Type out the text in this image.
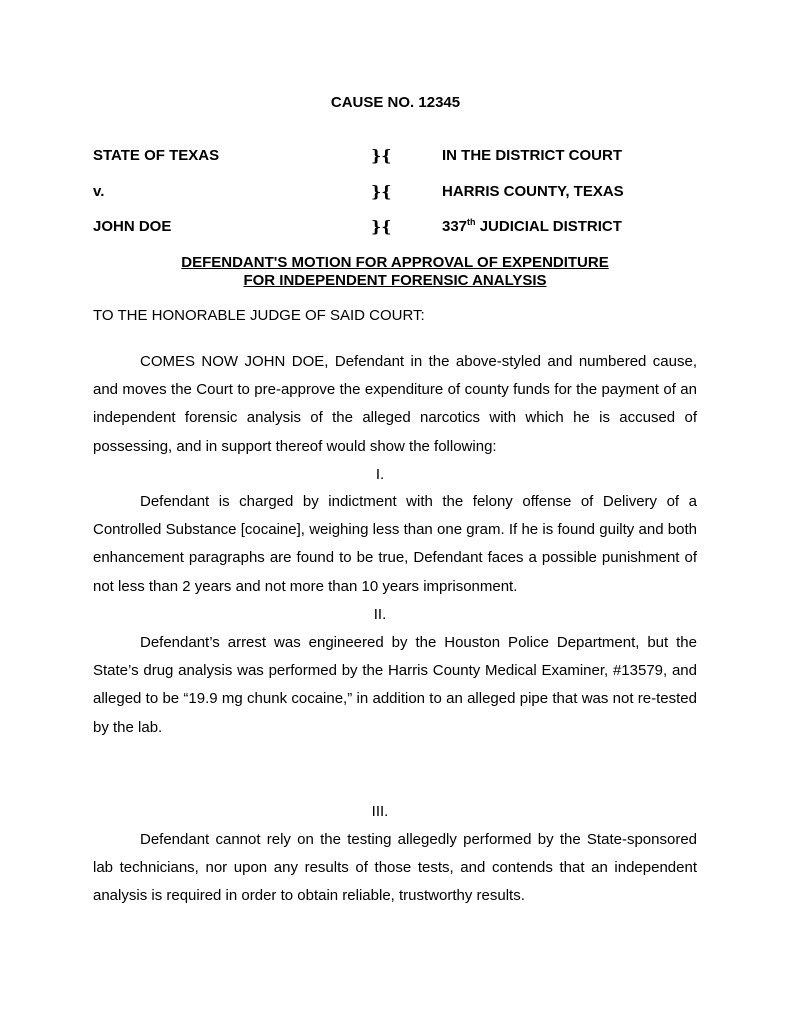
CAUSE NO. 12345
STATE OF TEXAS	}{	IN THE DISTRICT COURT
v.	}{	HARRIS COUNTY, TEXAS
JOHN DOE	}{	337th JUDICIAL DISTRICT
DEFENDANT'S MOTION FOR APPROVAL OF EXPENDITURE
FOR INDEPENDENT FORENSIC ANALYSIS
TO THE HONORABLE JUDGE OF SAID COURT:
COMES NOW JOHN DOE, Defendant in the above-styled and numbered cause, and moves the Court to pre-approve the expenditure of county funds for the payment of an independent forensic analysis of the alleged narcotics with which he is accused of possessing, and in support thereof would show the following:
I.
Defendant is charged by indictment with the felony offense of Delivery of a Controlled Substance [cocaine], weighing less than one gram. If he is found guilty and both enhancement paragraphs are found to be true, Defendant faces a possible punishment of not less than 2 years and not more than 10 years imprisonment.
II.
Defendant’s arrest was engineered by the Houston Police Department, but the State’s drug analysis was performed by the Harris County Medical Examiner, #13579, and alleged to be “19.9 mg chunk cocaine,” in addition to an alleged pipe that was not re-tested by the lab.
III.
Defendant cannot rely on the testing allegedly performed by the State-sponsored lab technicians, nor upon any results of those tests, and contends that an independent analysis is required in order to obtain reliable, trustworthy results.
